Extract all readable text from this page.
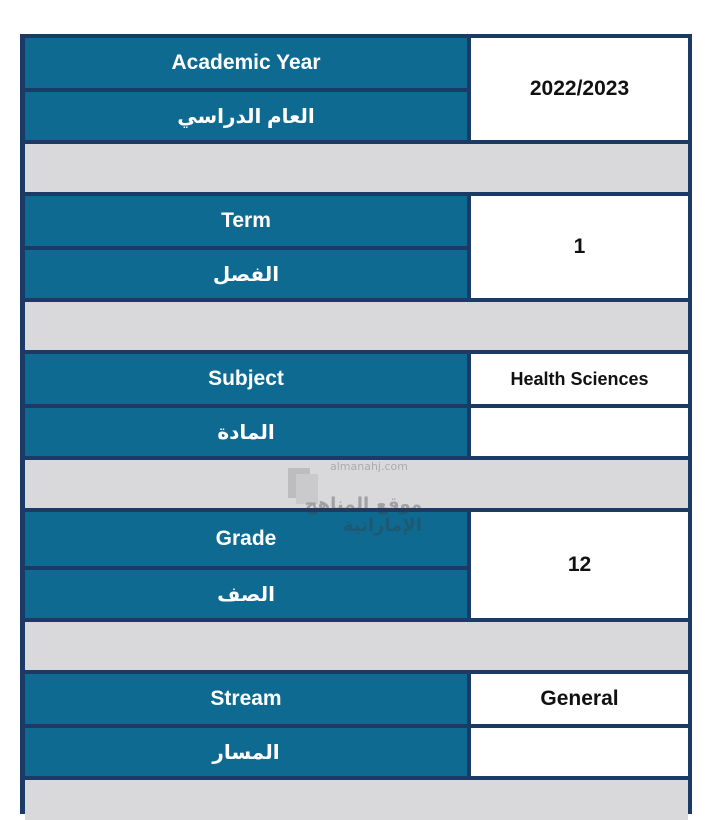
Academic Year
العام الدراسي
2022/2023
Term
الفصل
1
Subject	Health Sciences
المادة
Grade
الصف
12
Stream	General
المسار
almanahj.com
موقع المناهج الإماراتية
